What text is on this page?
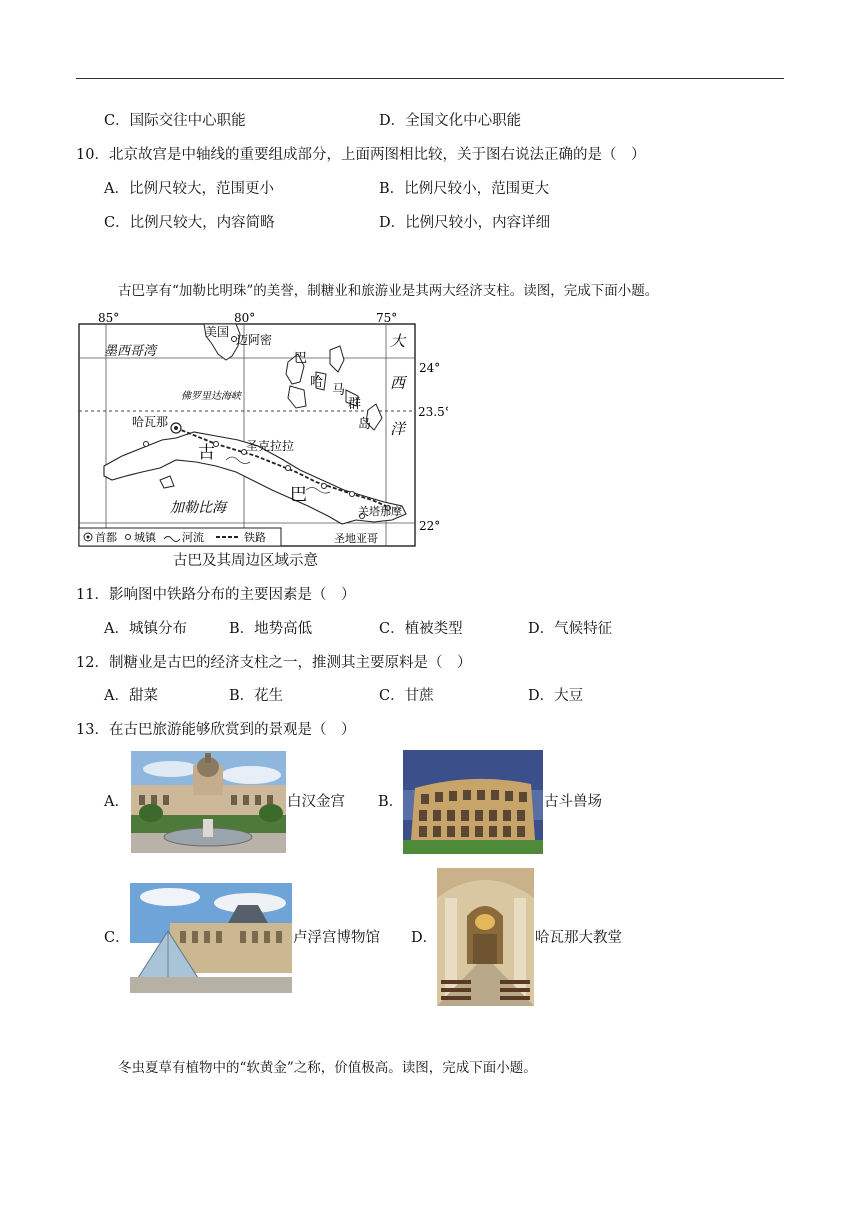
C．国际交往中心职能	D．全国文化中心职能
10．北京故宫是中轴线的重要组成部分，上面两图相比较，关于图右说法正确的是（　）
A．比例尺较大，范围更小	B．比例尺较小，范围更大
C．比例尺较大，内容简略	D．比例尺较小，内容详细
古巴享有“加勒比明珠”的美誉，制糖业和旅游业是其两大经济支柱。读图，完成下面小题。
85°	80°	75°
24°
23.5°
22°
美国
迈阿密
墨西哥湾
佛罗里达海峡
巴
哈
马
群
岛
大
西
洋
哈瓦那
圣克拉拉
古
巴
加勒比海	关塔那摩
圣地亚哥
首都 城镇 河流	铁路
古巴及其周边区域示意
11．影响图中铁路分布的主要因素是（　）
A．城镇分布	B．地势高低	C．植被类型	D．气候特征
12．制糖业是古巴的经济支柱之一，推测其主要原料是（　）
A．甜菜	B．花生	C．甘蔗	D．大豆
13．在古巴旅游能够欣赏到的景观是（　）
A．	白汉金宫 B．	古斗兽场
C．	卢浮宫博物馆 D．	哈瓦那大教堂
冬虫夏草有植物中的“软黄金”之称，价值极高。读图，完成下面小题。
